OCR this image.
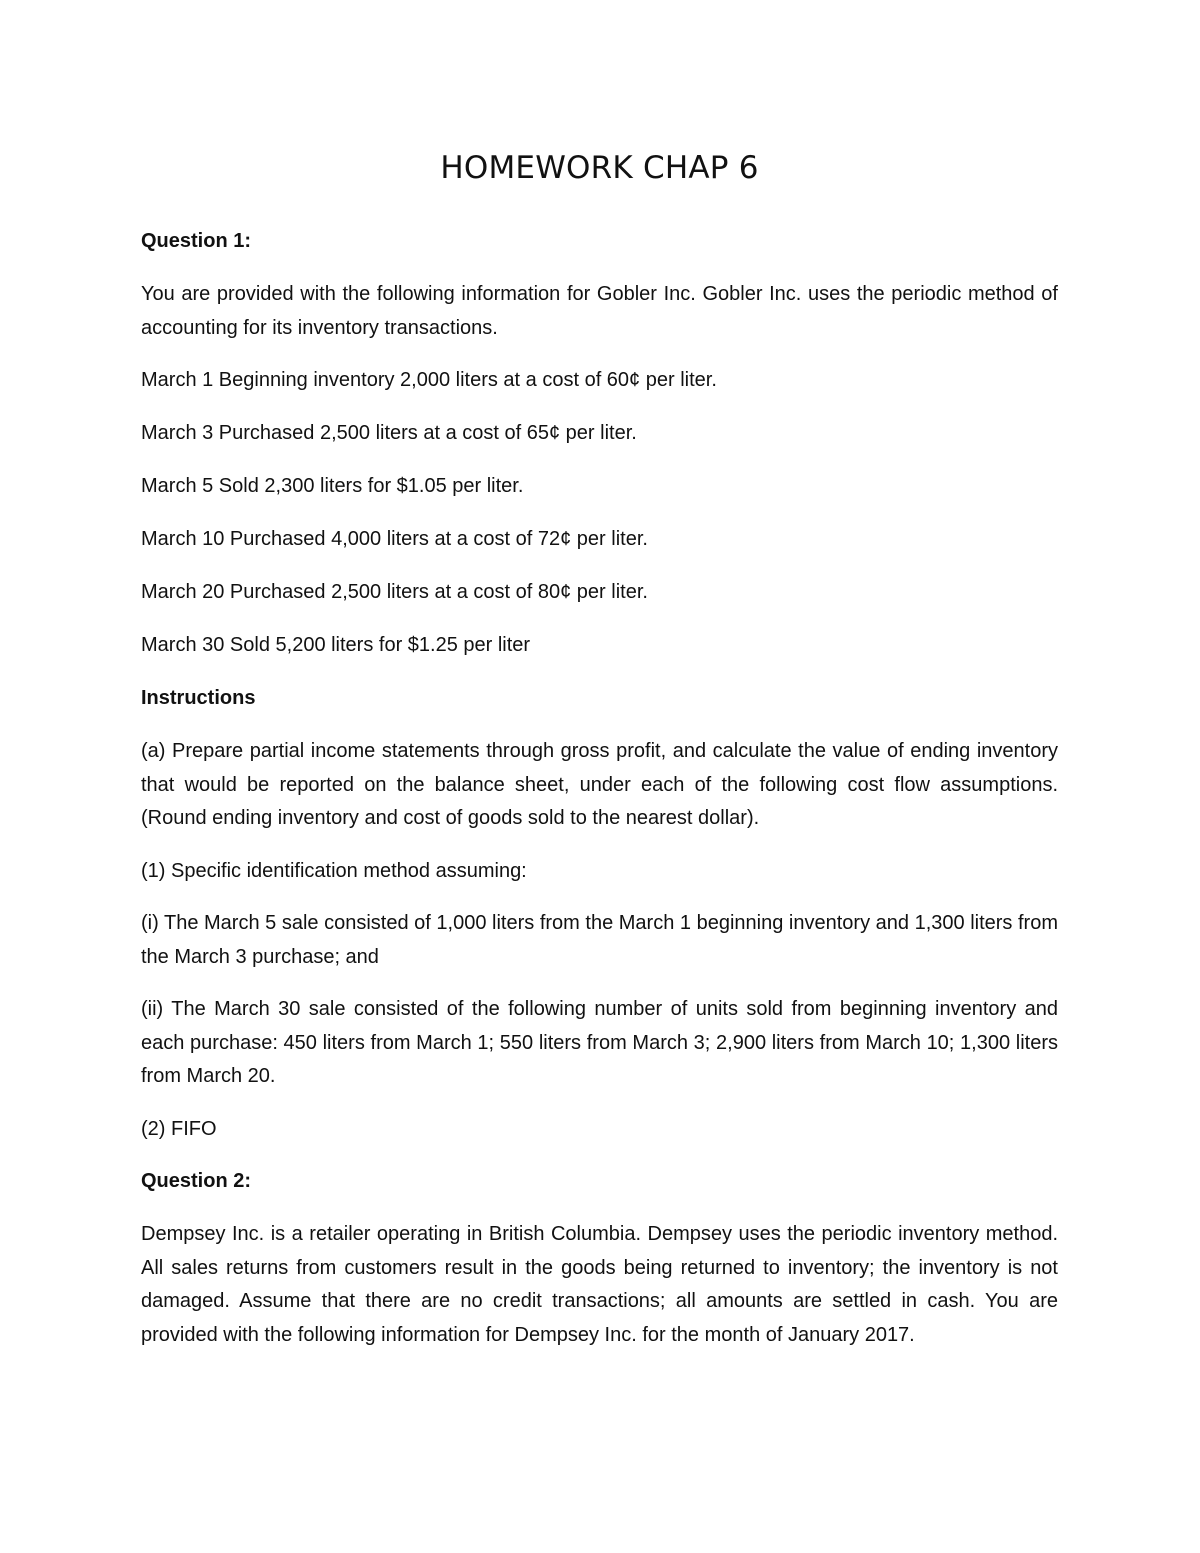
HOMEWORK CHAP 6
Question 1:
You are provided with the following information for Gobler Inc. Gobler Inc. uses the periodic method of accounting for its inventory transactions.
March 1 Beginning inventory 2,000 liters at a cost of 60¢ per liter.
March 3 Purchased 2,500 liters at a cost of 65¢ per liter.
March 5 Sold 2,300 liters for $1.05 per liter.
March 10 Purchased 4,000 liters at a cost of 72¢ per liter.
March 20 Purchased 2,500 liters at a cost of 80¢ per liter.
March 30 Sold 5,200 liters for $1.25 per liter
Instructions
(a) Prepare partial income statements through gross profit, and calculate the value of ending inventory that would be reported on the balance sheet, under each of the following cost flow assumptions. (Round ending inventory and cost of goods sold to the nearest dollar).
(1) Specific identification method assuming:
(i) The March 5 sale consisted of 1,000 liters from the March 1 beginning inventory and 1,300 liters from the March 3 purchase; and
(ii) The March 30 sale consisted of the following number of units sold from beginning inventory and each purchase: 450 liters from March 1; 550 liters from March 3; 2,900 liters from March 10; 1,300 liters from March 20.
(2) FIFO
Question 2:
Dempsey Inc. is a retailer operating in British Columbia. Dempsey uses the periodic inventory method. All sales returns from customers result in the goods being returned to inventory; the inventory is not damaged. Assume that there are no credit transactions; all amounts are settled in cash. You are provided with the following information for Dempsey Inc. for the month of January 2017.
